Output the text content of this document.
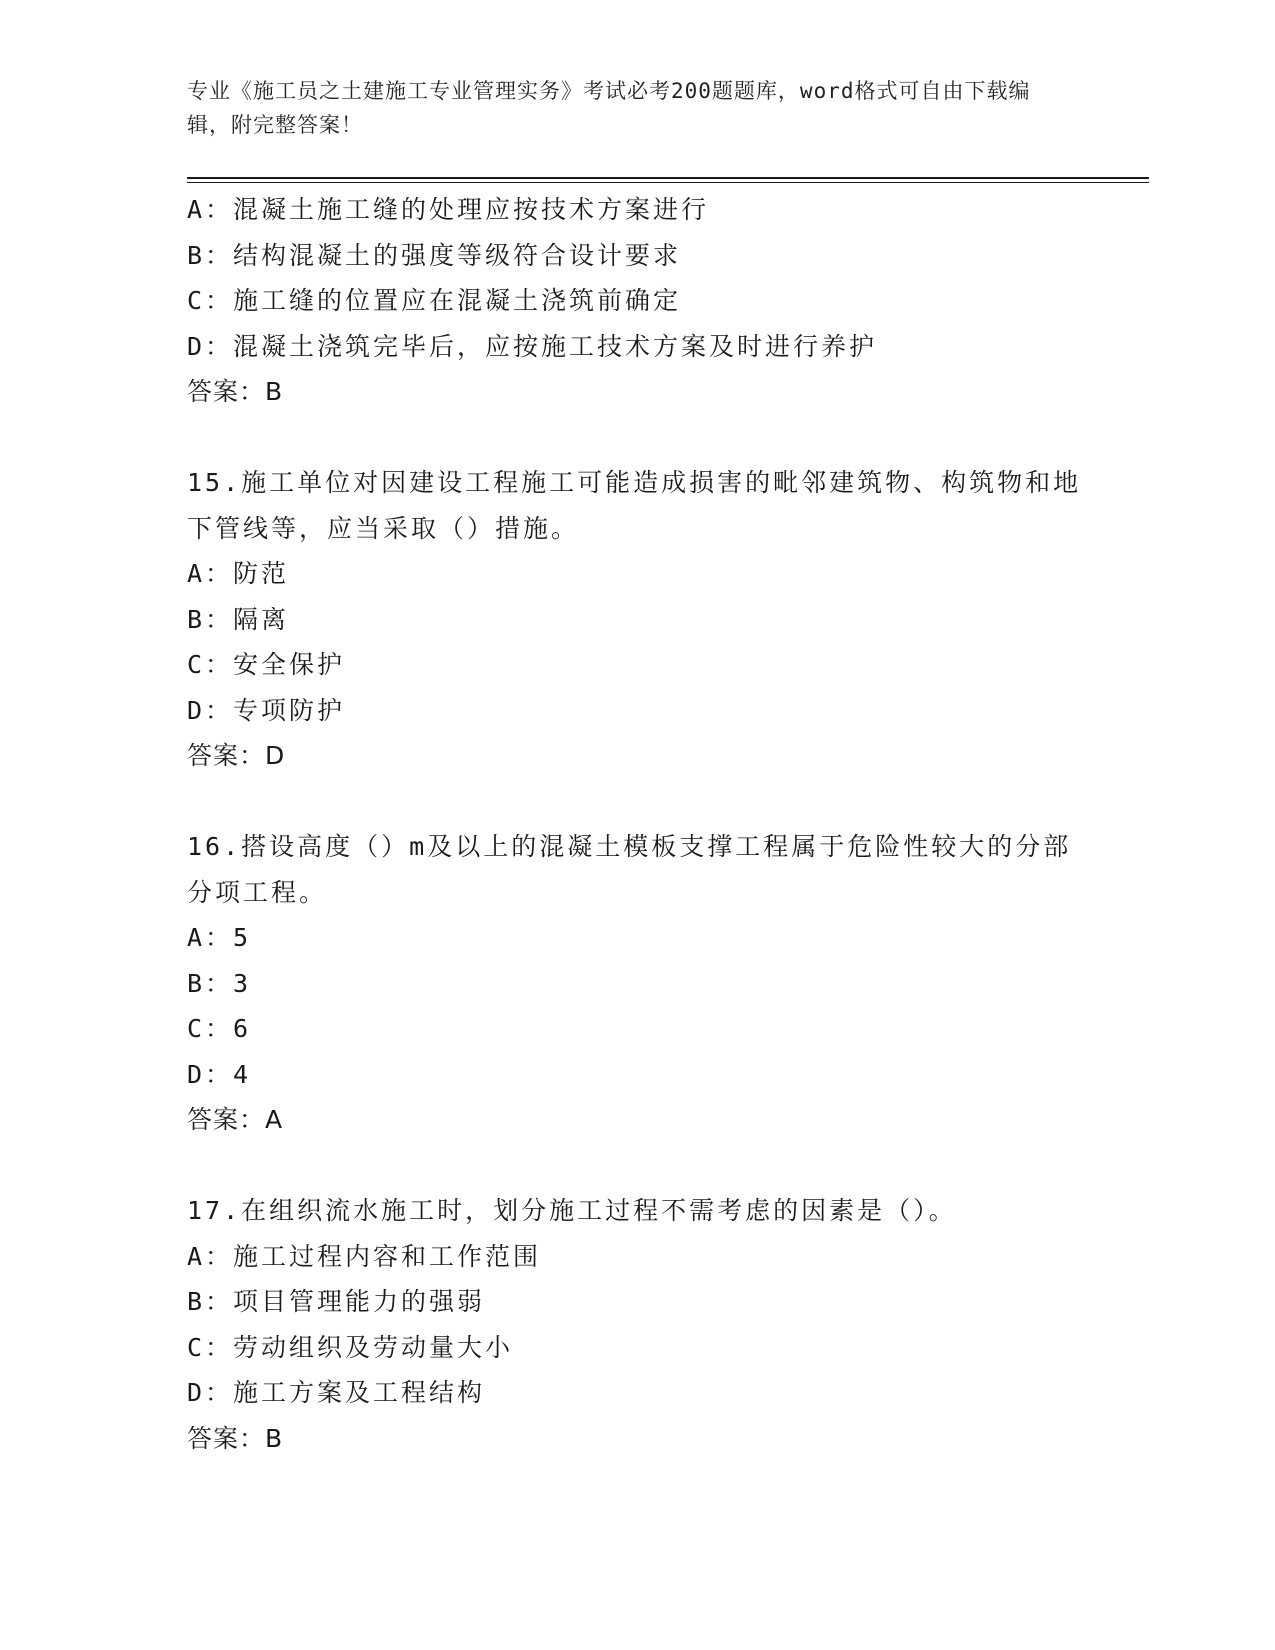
专业《施工员之土建施工专业管理实务》考试必考200题题库，word格式可自由下载编辑，附完整答案！
A：混凝土施工缝的处理应按技术方案进行
B：结构混凝土的强度等级符合设计要求
C：施工缝的位置应在混凝土浇筑前确定
D：混凝土浇筑完毕后，应按施工技术方案及时进行养护
答案：B
15.施工单位对因建设工程施工可能造成损害的毗邻建筑物、构筑物和地下管线等，应当采取（）措施。
A：防范
B：隔离
C：安全保护
D：专项防护
答案：D
16.搭设高度（）m及以上的混凝土模板支撑工程属于危险性较大的分部分项工程。
A：5
B：3
C：6
D：4
答案：A
17.在组织流水施工时，划分施工过程不需考虑的因素是（）。
A：施工过程内容和工作范围
B：项目管理能力的强弱
C：劳动组织及劳动量大小
D：施工方案及工程结构
答案：B
